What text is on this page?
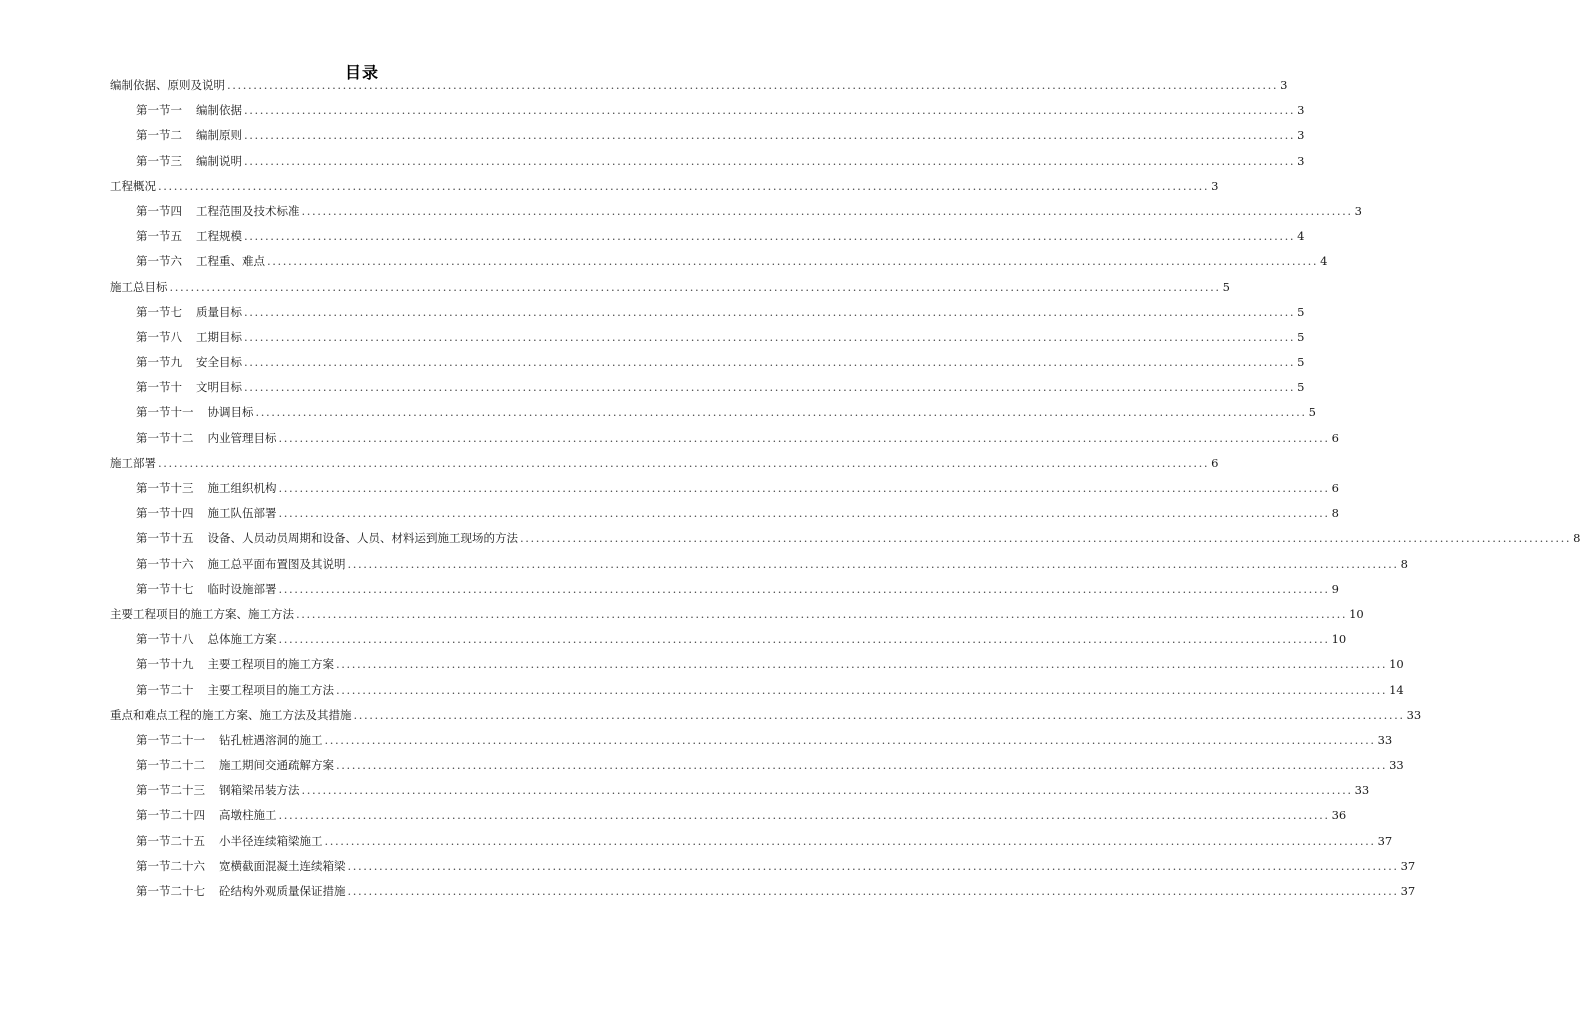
目录
编制依据、原则及说明 ........................................................................................................................................................................................................ 3
第一节一 编制依据 ........................................................................................................................................................................................................ 3
第一节二 编制原则 ........................................................................................................................................................................................................ 3
第一节三 编制说明 ........................................................................................................................................................................................................ 3
工程概况 ........................................................................................................................................................................................................ 3
第一节四 工程范围及技术标准 ........................................................................................................................................................................................................ 3
第一节五 工程规模 ........................................................................................................................................................................................................ 4
第一节六 工程重、难点 ........................................................................................................................................................................................................ 4
施工总目标 ........................................................................................................................................................................................................ 5
第一节七 质量目标 ........................................................................................................................................................................................................ 5
第一节八 工期目标 ........................................................................................................................................................................................................ 5
第一节九 安全目标 ........................................................................................................................................................................................................ 5
第一节十 文明目标 ........................................................................................................................................................................................................ 5
第一节十一 协调目标 ........................................................................................................................................................................................................ 5
第一节十二 内业管理目标 ........................................................................................................................................................................................................ 6
施工部署 ........................................................................................................................................................................................................ 6
第一节十三 施工组织机构 ........................................................................................................................................................................................................ 6
第一节十四 施工队伍部署 ........................................................................................................................................................................................................ 8
第一节十五 设备、人员动员周期和设备、人员、材料运到施工现场的方法 ........................................................................................................................................................................................................ 8
第一节十六 施工总平面布置图及其说明 ........................................................................................................................................................................................................ 8
第一节十七 临时设施部署 ........................................................................................................................................................................................................ 9
主要工程项目的施工方案、施工方法 ........................................................................................................................................................................................................ 10
第一节十八 总体施工方案 ........................................................................................................................................................................................................ 10
第一节十九 主要工程项目的施工方案 ........................................................................................................................................................................................................ 10
第一节二十 主要工程项目的施工方法 ........................................................................................................................................................................................................ 14
重点和难点工程的施工方案、施工方法及其措施 ........................................................................................................................................................................................................ 33
第一节二十一 钻孔桩遇溶洞的施工 ........................................................................................................................................................................................................ 33
第一节二十二 施工期间交通疏解方案 ........................................................................................................................................................................................................ 33
第一节二十三 钢箱梁吊装方法 ........................................................................................................................................................................................................ 33
第一节二十四 高墩柱施工 ........................................................................................................................................................................................................ 36
第一节二十五 小半径连续箱梁施工 ........................................................................................................................................................................................................ 37
第一节二十六 宽横截面混凝土连续箱梁 ........................................................................................................................................................................................................ 37
第一节二十七 砼结构外观质量保证措施 ........................................................................................................................................................................................................ 37
